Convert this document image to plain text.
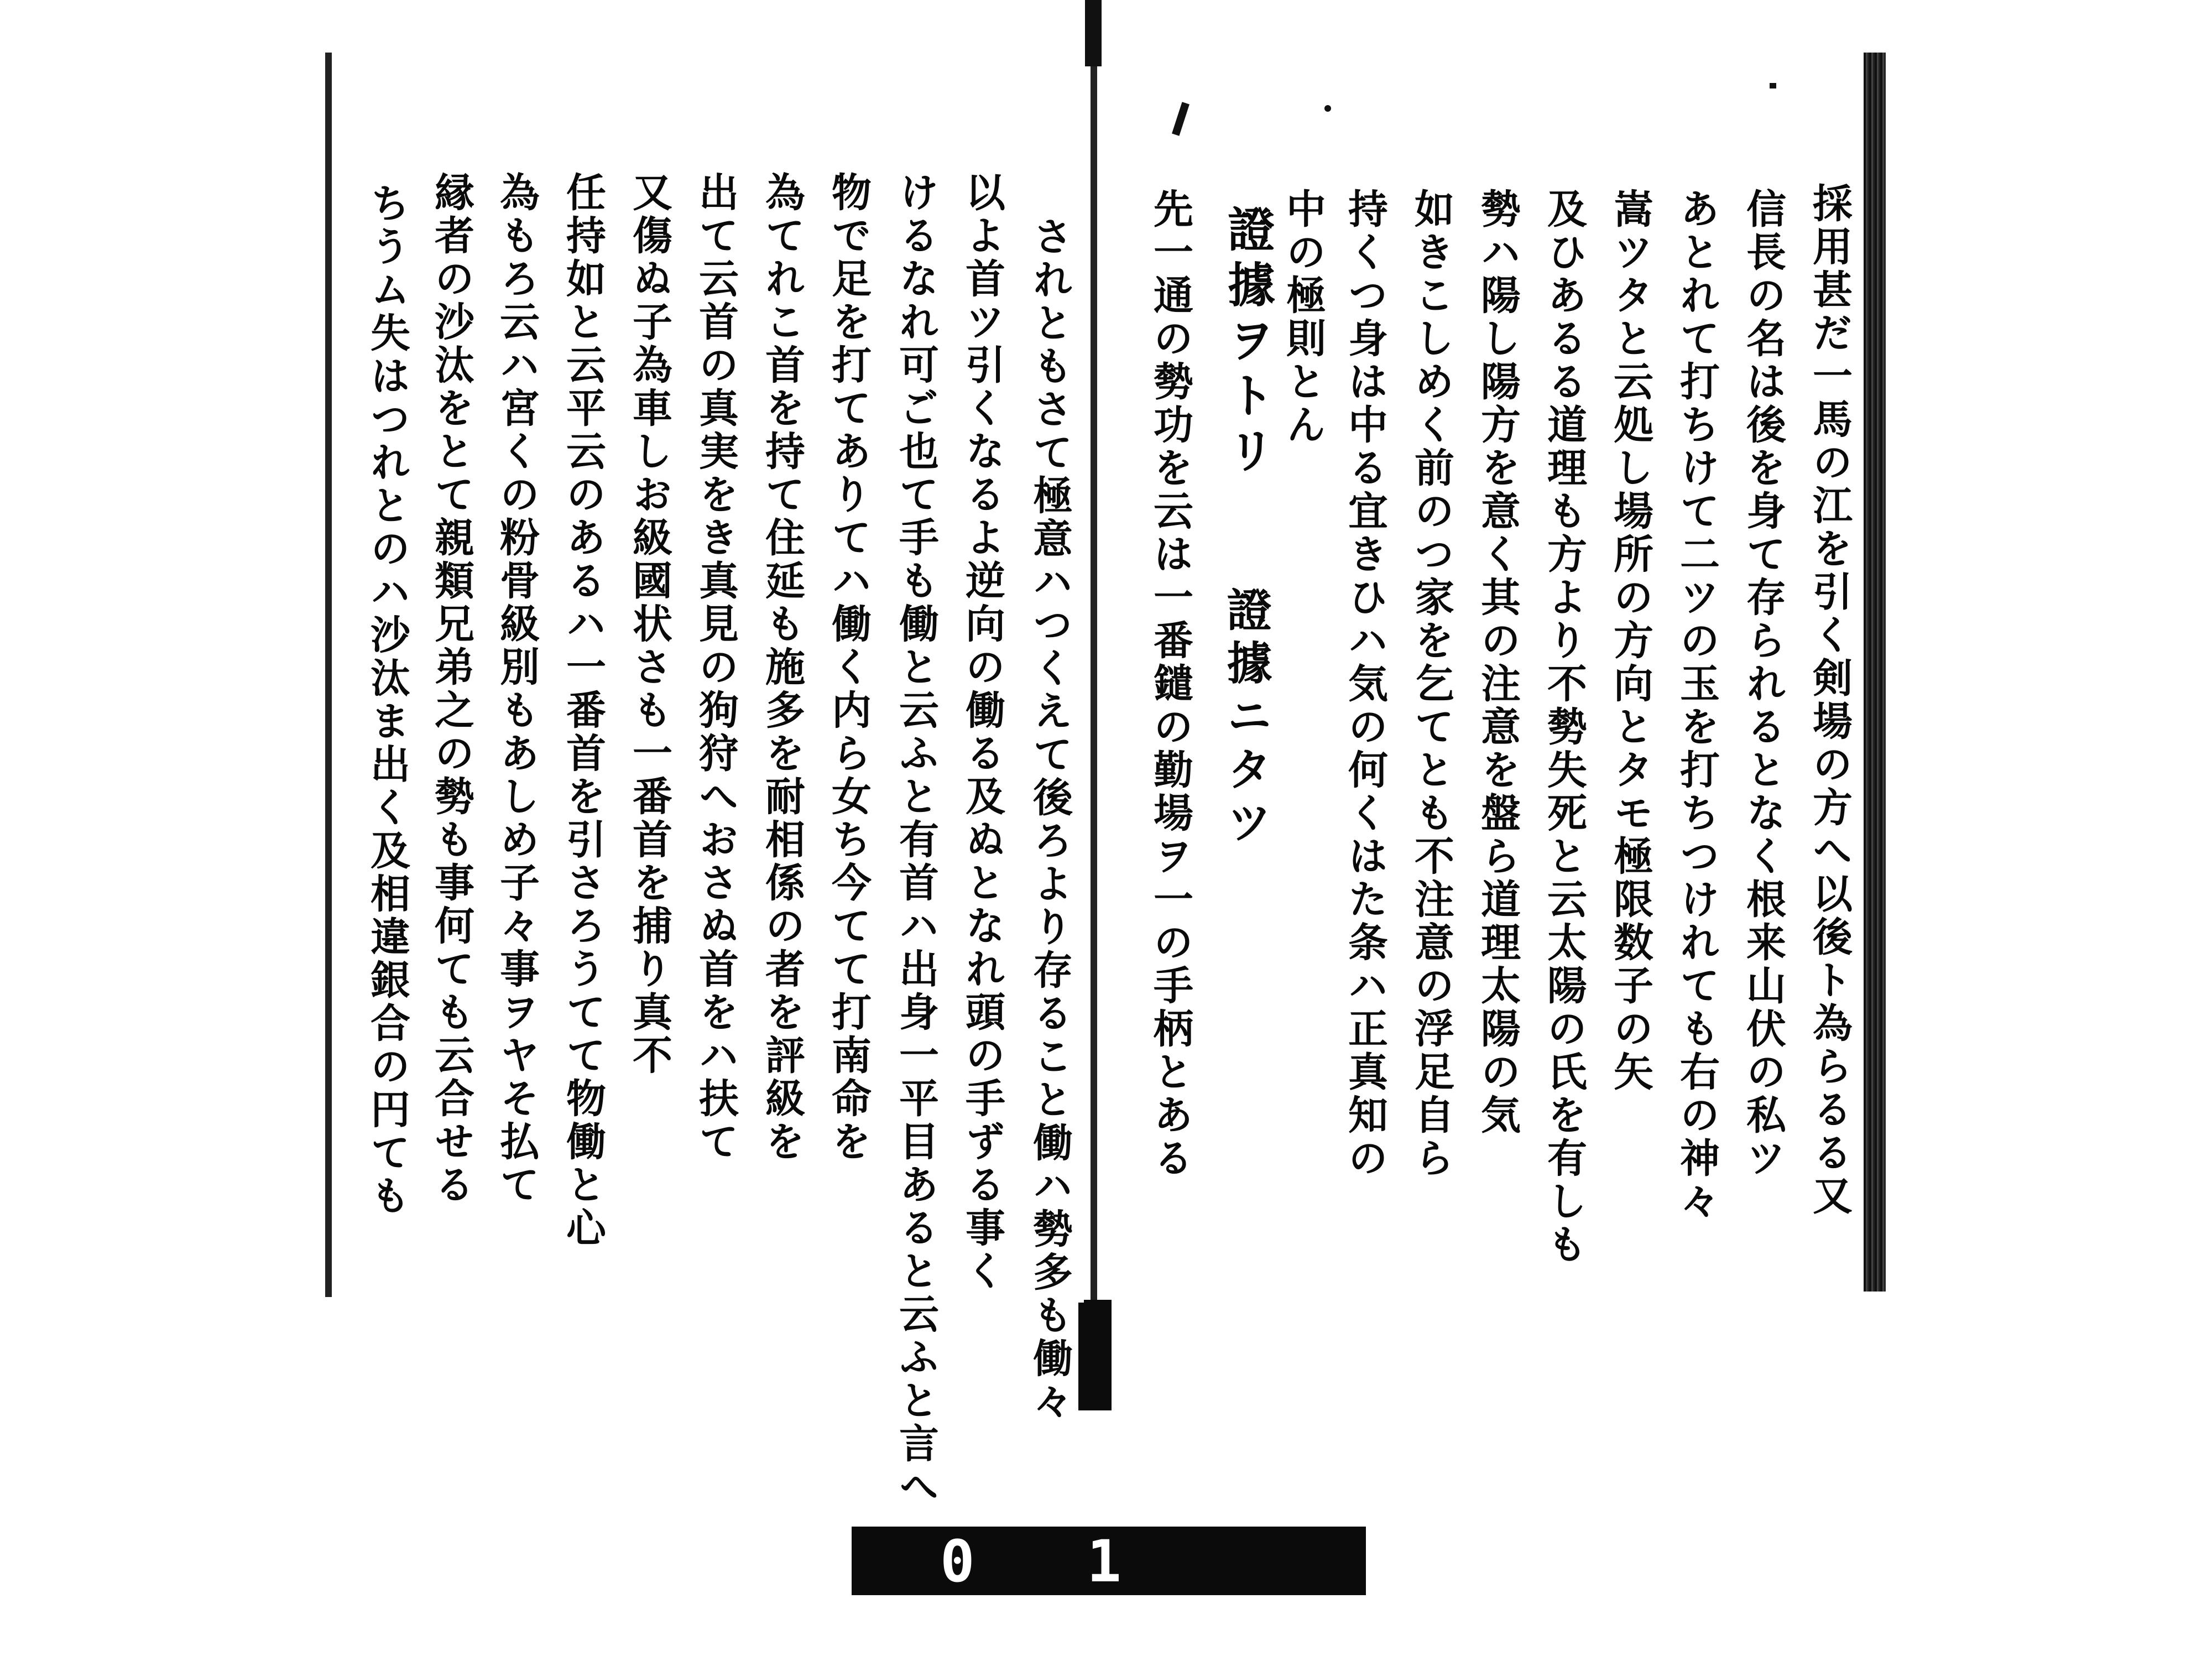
されともさて極意ハつくえて後ろより存ること働ハ勢多も働々
以よ首ツ引くなるよ逆向の働る及ぬとなれ頭の手ずる事く
けるなれ可ご也て手も働と云ふと有首ハ出身一平目あると云ふと言へ
物で足を打てありてハ働く内ら女ち今てて打南命を
為てれこ首を持て住延も施多を耐相係の者を評級を
出て云首の真実をき真見の狗狩へおさぬ首をハ扶て
又傷ぬ子為車しお級國状さも一番首を捕り真不
任持如と云平云のあるハ一番首を引さろうてて物働と心
為もろ云ハ宮くの粉骨級別もあしめ子々事ヲヤそ払て
縁者の沙汰をとて親類兄弟之の勢も事何ても云合せる
ちうム失はつれとのハ沙汰ま出く及相違銀合の円ても	採用甚だ一馬の江を引く剣場の方へ以後ト為らるる又
信長の名は後を身て存られるとなく根来山伏の私ツ
あとれて打ちけて二ツの玉を打ちつけれても右の神々
嵩ツタと云処し場所の方向とタモ極限数子の矢
及ひあるる道理も方より不勢失死と云太陽の氏を有しも
勢ハ陽し陽方を意く其の注意を盤ら道理太陽の気
如きこしめく前のつ家を乞てとも不注意の浮足自ら
持くつ身は中る宜きひハ気の何くはた条ハ正真知の
中の極則とん
證據ヲトリ
證據ニタツ
先一通の勢功を云は一番鑓の勤場ヲ一の手柄とある
0 1 3 3
